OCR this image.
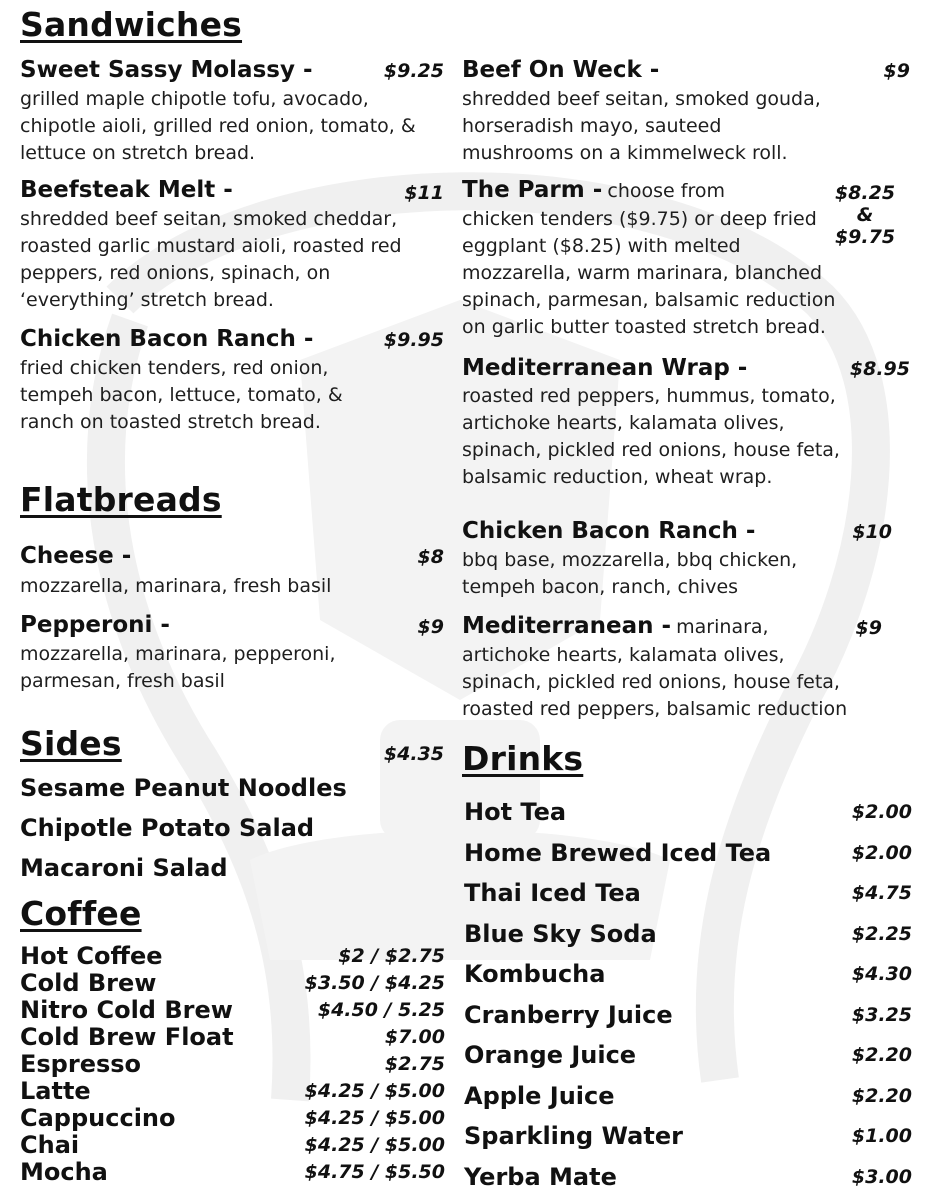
Sandwiches
Sweet Sassy Molassy -	$9.25
grilled maple chipotle tofu, avocado, chipotle aioli, grilled red onion, tomato, & lettuce on stretch bread.
Beefsteak Melt -	$11
shredded beef seitan, smoked cheddar, roasted garlic mustard aioli, roasted red peppers, red onions, spinach, on ‘everything’ stretch bread.
Chicken Bacon Ranch -	$9.95
fried chicken tenders, red onion, tempeh bacon, lettuce, tomato, & ranch on toasted stretch bread.
Flatbreads
Cheese -	$8
mozzarella, marinara, fresh basil
Pepperoni -	$9
mozzarella, marinara, pepperoni, parmesan, fresh basil
Sides	$4.35
Sesame Peanut Noodles
Chipotle Potato Salad
Macaroni Salad
Coffee
Hot Coffee	$2 / $2.75
Cold Brew	$3.50 / $4.25
Nitro Cold Brew	$4.50 / 5.25
Cold Brew Float	$7.00
Espresso	$2.75
Latte	$4.25 / $5.00
Cappuccino	$4.25 / $5.00
Chai	$4.25 / $5.00
Mocha	$4.75 / $5.50
Beef On Weck -	$9
shredded beef seitan, smoked gouda, horseradish mayo, sauteed mushrooms on a kimmelweck roll.
The Parm - choose from	$8.25
&
$9.75
chicken tenders ($9.75) or deep fried eggplant ($8.25) with melted mozzarella, warm marinara, blanched spinach, parmesan, balsamic reduction on garlic butter toasted stretch bread.
Mediterranean Wrap -	$8.95
roasted red peppers, hummus, tomato, artichoke hearts, kalamata olives, spinach, pickled red onions, house feta, balsamic reduction, wheat wrap.
Chicken Bacon Ranch -	$10
bbq base, mozzarella, bbq chicken, tempeh bacon, ranch, chives
Mediterranean - marinara,	$9
artichoke hearts, kalamata olives, spinach, pickled red onions, house feta, roasted red peppers, balsamic reduction
Drinks
Hot Tea	$2.00
Home Brewed Iced Tea	$2.00
Thai Iced Tea	$4.75
Blue Sky Soda	$2.25
Kombucha	$4.30
Cranberry Juice	$3.25
Orange Juice	$2.20
Apple Juice	$2.20
Sparkling Water	$1.00
Yerba Mate	$3.00
